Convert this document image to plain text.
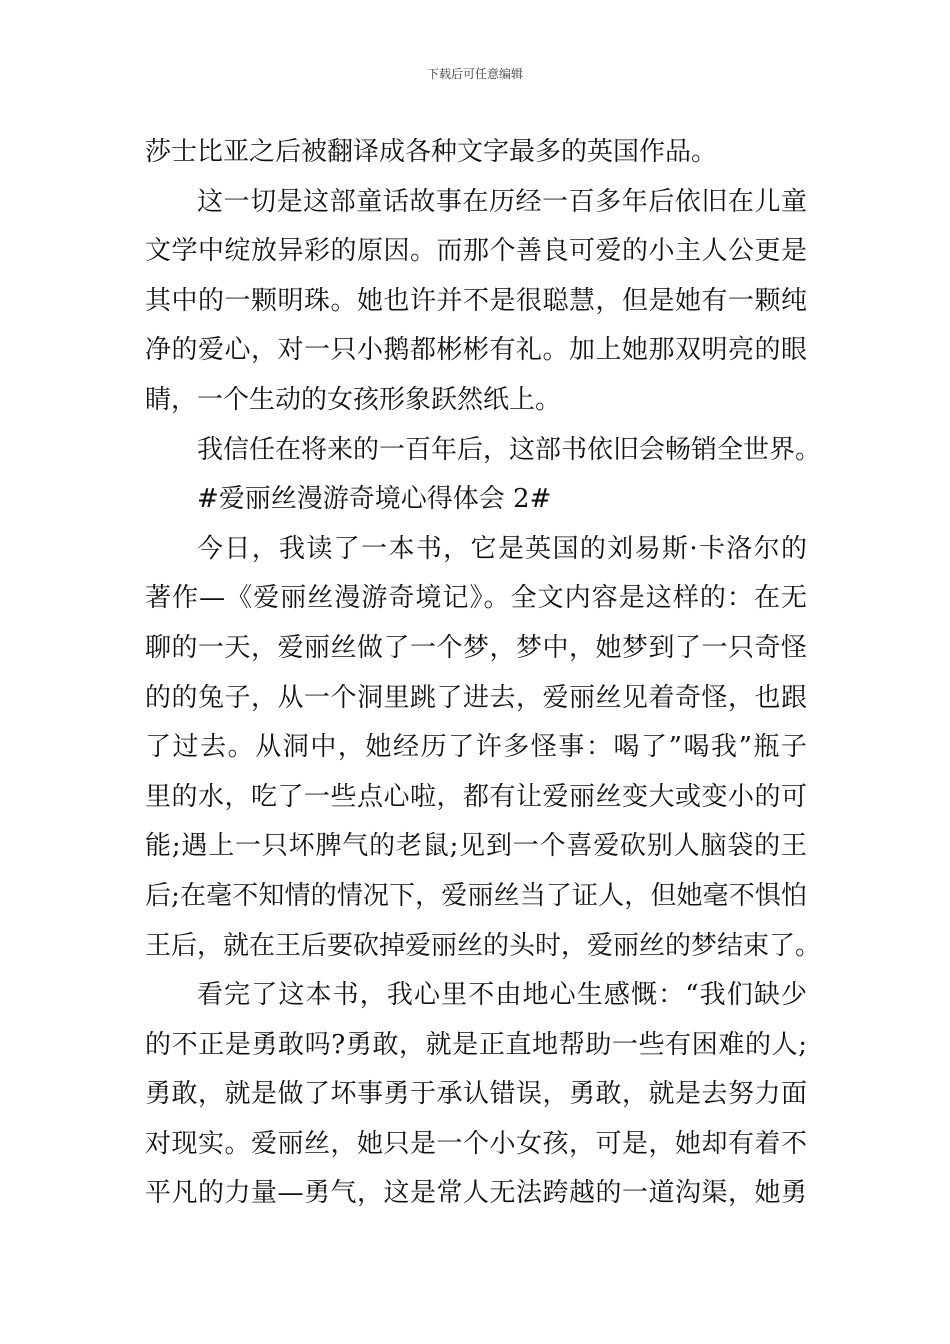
下载后可任意编辑
莎士比亚之后被翻译成各种文字最多的英国作品。
这一切是这部童话故事在历经一百多年后依旧在儿童
文学中绽放异彩的原因。而那个善良可爱的小主人公更是
其中的一颗明珠。她也许并不是很聪慧，但是她有一颗纯
净的爱心，对一只小鹅都彬彬有礼。加上她那双明亮的眼
睛，一个生动的女孩形象跃然纸上。
我信任在将来的一百年后，这部书依旧会畅销全世界。
#爱丽丝漫游奇境心得体会 2#
今日，我读了一本书，它是英国的刘易斯·卡洛尔的
著作—《爱丽丝漫游奇境记》。全文内容是这样的：在无
聊的一天，爱丽丝做了一个梦，梦中，她梦到了一只奇怪
的的兔子，从一个洞里跳了进去，爱丽丝见着奇怪，也跟
了过去。从洞中，她经历了许多怪事：喝了”喝我”瓶子
里的水，吃了一些点心啦，都有让爱丽丝变大或变小的可
能;遇上一只坏脾气的老鼠;见到一个喜爱砍别人脑袋的王
后;在毫不知情的情况下，爱丽丝当了证人，但她毫不惧怕
王后，就在王后要砍掉爱丽丝的头时，爱丽丝的梦结束了。
看完了这本书，我心里不由地心生感慨：“我们缺少
的不正是勇敢吗?勇敢，就是正直地帮助一些有困难的人;
勇敢，就是做了坏事勇于承认错误，勇敢，就是去努力面
对现实。爱丽丝，她只是一个小女孩，可是，她却有着不
平凡的力量—勇气，这是常人无法跨越的一道沟渠，她勇
